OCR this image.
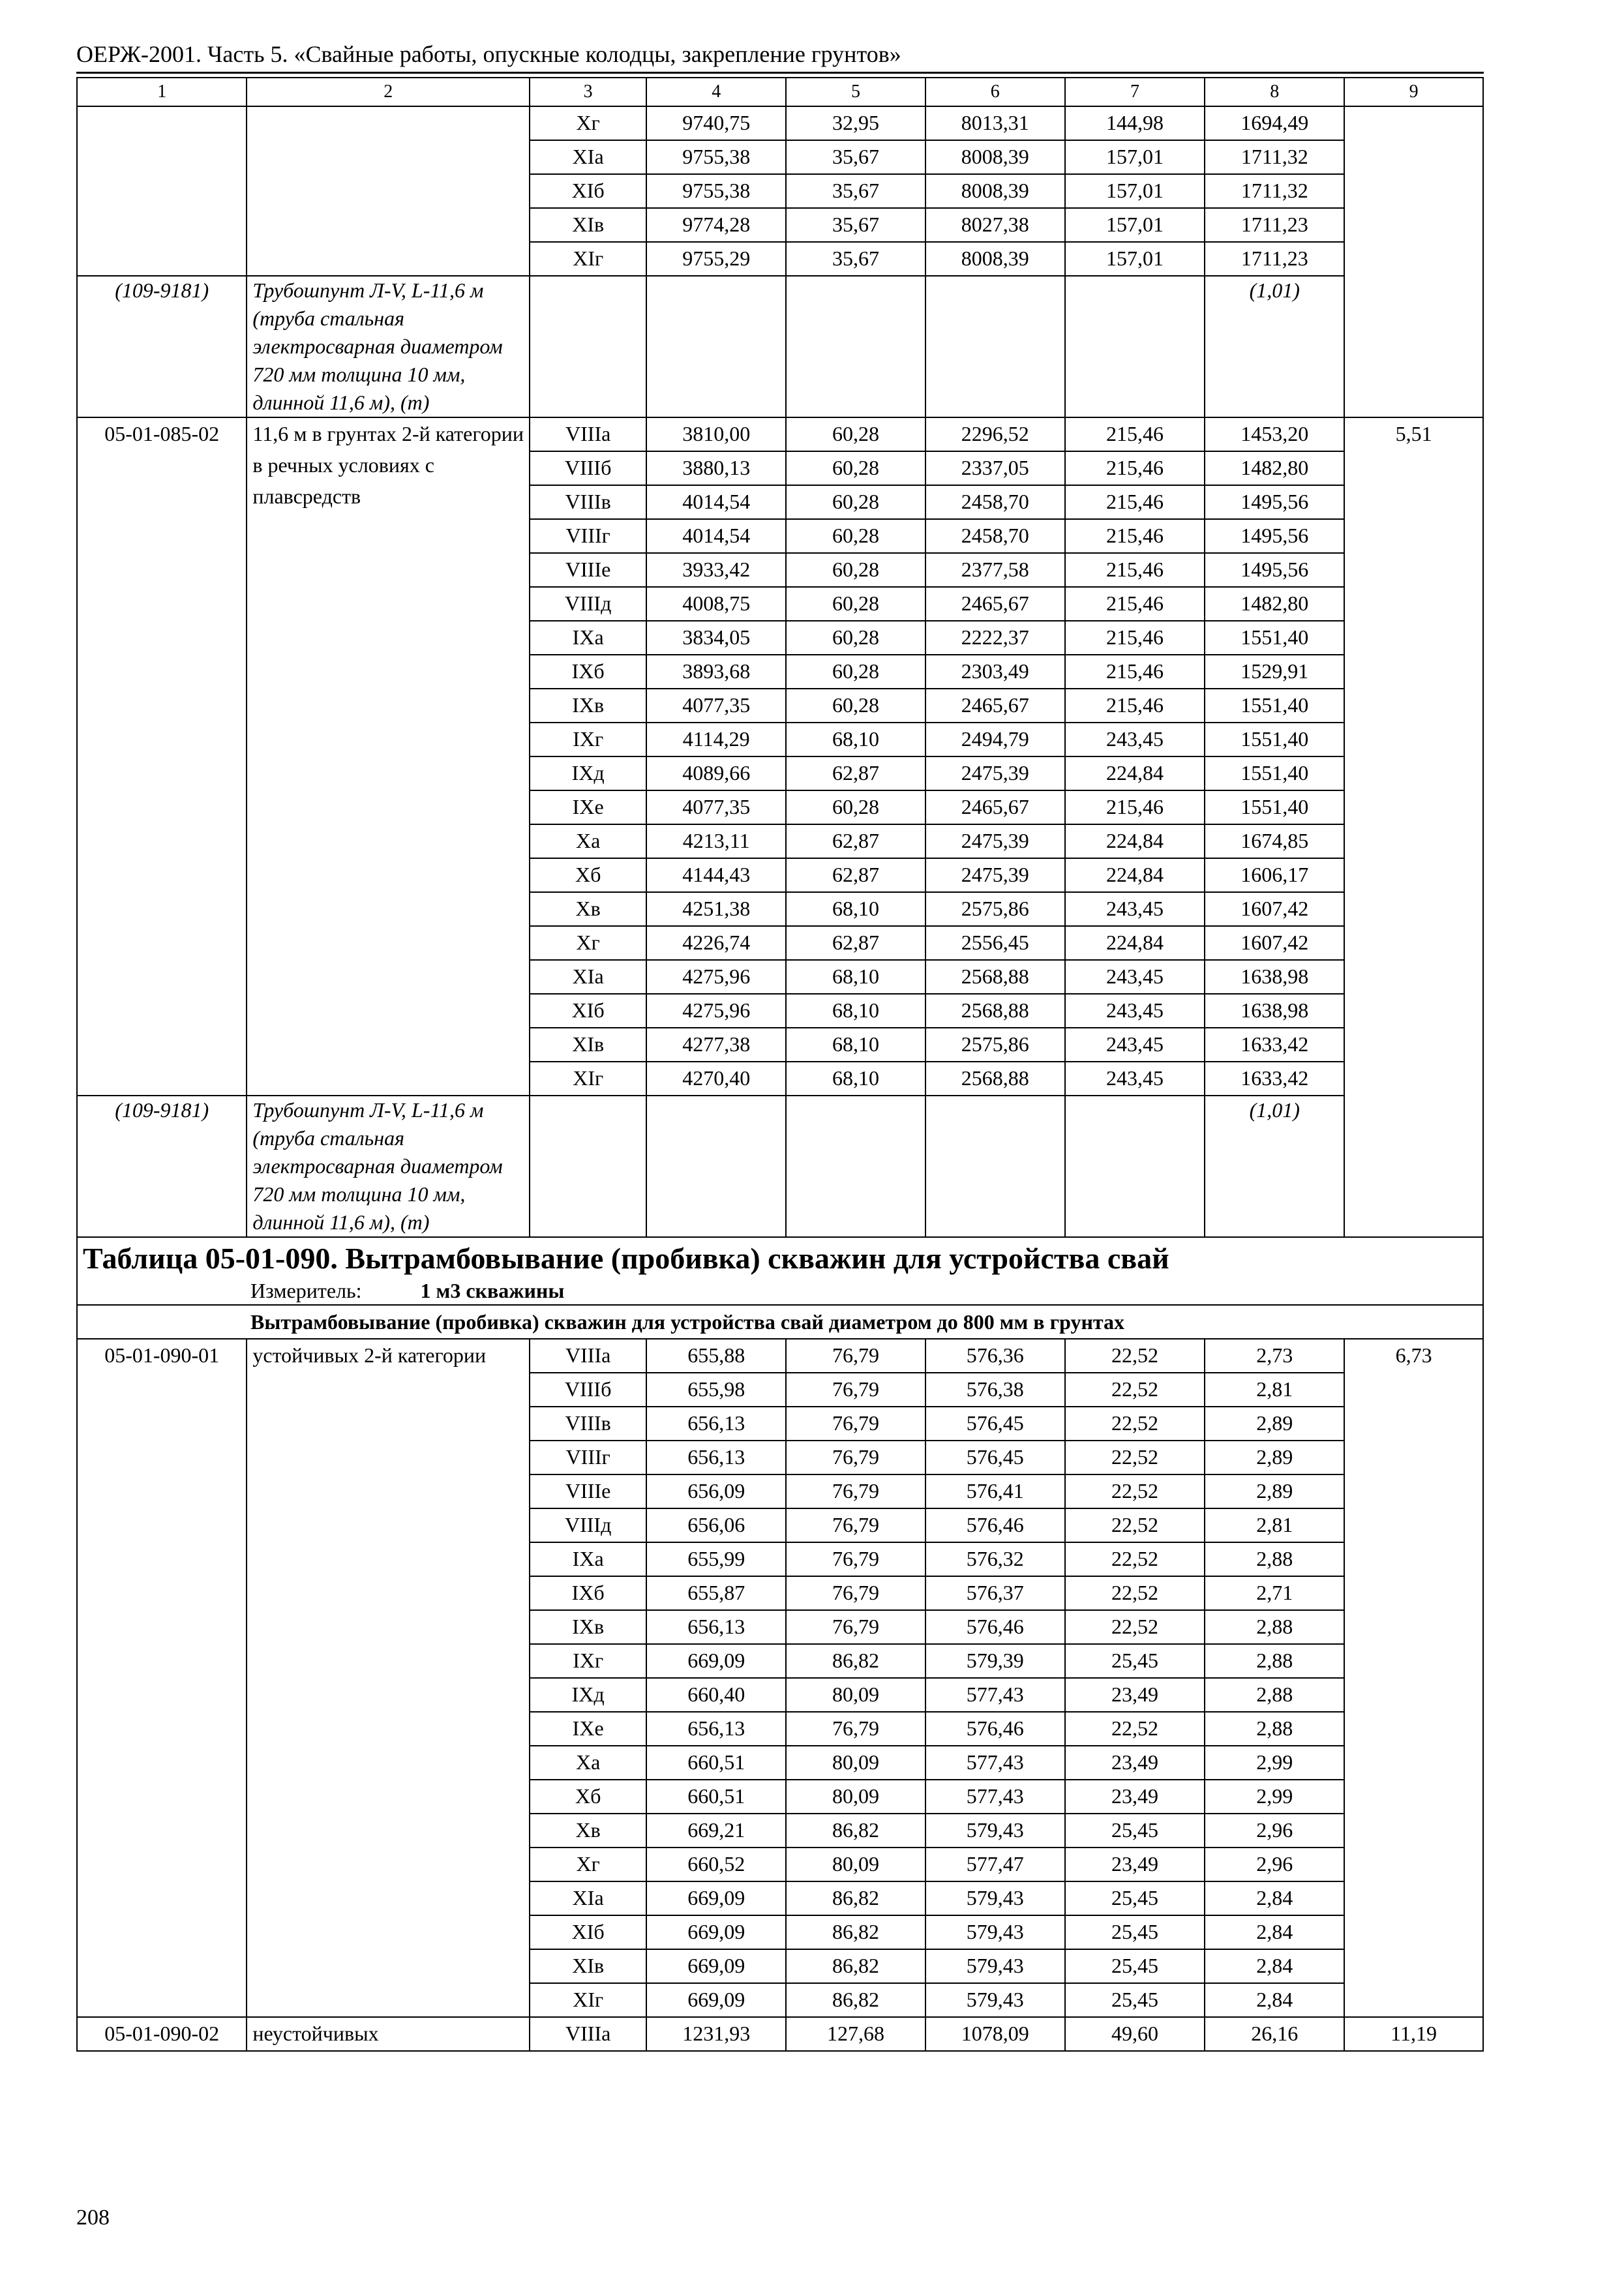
ОЕРЖ-2001. Часть 5. «Свайные работы, опускные колодцы, закрепление грунтов»
1	2	3	4	5	6	7	8	9
		Xг	9740,75	32,95	8013,31	144,98	1694,49	
		XIа	9755,38	35,67	8008,39	157,01	1711,32	
		XIб	9755,38	35,67	8008,39	157,01	1711,32	
		XIв	9774,28	35,67	8027,38	157,01	1711,23	
		XIг	9755,29	35,67	8008,39	157,01	1711,23	
(109-9181)	Трубошпунт Л-V, L-11,6 м (труба стальная электросварная диаметром 720 мм толщина 10 мм, длинной 11,6 м), (т)						(1,01)	
05-01-085-02	11,6 м в грунтах 2-й категории в речных условиях с плавсредств	VIIIа	3810,00	60,28	2296,52	215,46	1453,20	5,51
		VIIIб	3880,13	60,28	2337,05	215,46	1482,80	
		VIIIв	4014,54	60,28	2458,70	215,46	1495,56	
		VIIIг	4014,54	60,28	2458,70	215,46	1495,56	
		VIIIе	3933,42	60,28	2377,58	215,46	1495,56	
		VIIIд	4008,75	60,28	2465,67	215,46	1482,80	
		IXа	3834,05	60,28	2222,37	215,46	1551,40	
		IXб	3893,68	60,28	2303,49	215,46	1529,91	
		IXв	4077,35	60,28	2465,67	215,46	1551,40	
		IXг	4114,29	68,10	2494,79	243,45	1551,40	
		IXд	4089,66	62,87	2475,39	224,84	1551,40	
		IXе	4077,35	60,28	2465,67	215,46	1551,40	
		Xа	4213,11	62,87	2475,39	224,84	1674,85	
		Xб	4144,43	62,87	2475,39	224,84	1606,17	
		Xв	4251,38	68,10	2575,86	243,45	1607,42	
		Xг	4226,74	62,87	2556,45	224,84	1607,42	
		XIа	4275,96	68,10	2568,88	243,45	1638,98	
		XIб	4275,96	68,10	2568,88	243,45	1638,98	
		XIв	4277,38	68,10	2575,86	243,45	1633,42	
		XIг	4270,40	68,10	2568,88	243,45	1633,42	
(109-9181)	Трубошпунт Л-V, L-11,6 м (труба стальная электросварная диаметром 720 мм толщина 10 мм, длинной 11,6 м), (т)						(1,01)	
Таблица 05-01-090. Вытрамбовывание (пробивка) скважин для устройства свай								
Измеритель: 1 м3 скважины								
Вытрамбовывание (пробивка) скважин для устройства свай диаметром до 800 мм в грунтах								
05-01-090-01	устойчивых 2-й категории	VIIIа	655,88	76,79	576,36	22,52	2,73	6,73
		VIIIб	655,98	76,79	576,38	22,52	2,81	
		VIIIв	656,13	76,79	576,45	22,52	2,89	
		VIIIг	656,13	76,79	576,45	22,52	2,89	
		VIIIе	656,09	76,79	576,41	22,52	2,89	
		VIIIд	656,06	76,79	576,46	22,52	2,81	
		IXа	655,99	76,79	576,32	22,52	2,88	
		IXб	655,87	76,79	576,37	22,52	2,71	
		IXв	656,13	76,79	576,46	22,52	2,88	
		IXг	669,09	86,82	579,39	25,45	2,88	
		IXд	660,40	80,09	577,43	23,49	2,88	
		IXе	656,13	76,79	576,46	22,52	2,88	
		Xа	660,51	80,09	577,43	23,49	2,99	
		Xб	660,51	80,09	577,43	23,49	2,99	
		Xв	669,21	86,82	579,43	25,45	2,96	
		Xг	660,52	80,09	577,47	23,49	2,96	
		XIа	669,09	86,82	579,43	25,45	2,84	
		XIб	669,09	86,82	579,43	25,45	2,84	
		XIв	669,09	86,82	579,43	25,45	2,84	
		XIг	669,09	86,82	579,43	25,45	2,84	
05-01-090-02	неустойчивых	VIIIа	1231,93	127,68	1078,09	49,60	26,16	11,19
208
